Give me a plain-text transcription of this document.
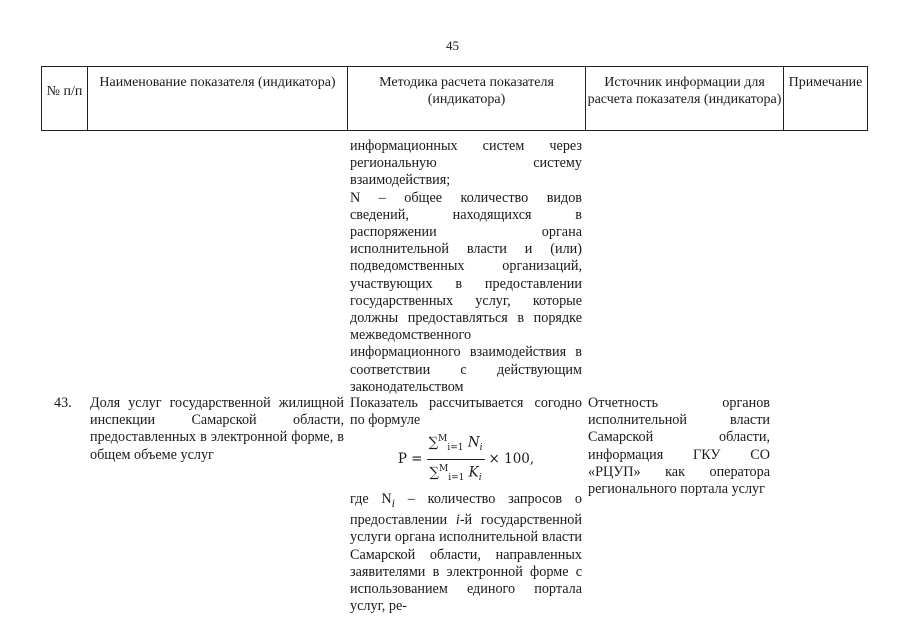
45
№ п/п
Наименование показателя (индикатора)	Методика расчета показателя (индикатора)
Источник информации для расчета показателя (индикатора)
Примечание

информационных систем через региональную систему взаимодействия;

N – общее количество видов сведений, находящихся в распоряжении органа исполнительной власти и (или) подведомственных организаций, участвующих в предоставлении государственных услуг, которые должны предоставляться в порядке межведомственного информационного взаимодействия в соответствии с действующим законодательством

43. Доля услуг государственной жилищной инспекции Самарской области, предоставленных в электронной форме, в общем объеме услуг

Показатель рассчитывается согодно по формуле

$P = \frac{\sum^M_{i=1} N_i}{\sum^M_{i=1} K_i} \times 100$,

где $N_i$ – количество запросов о предоставлении i-й государственной услуги органа исполнительной власти Самарской области, направленных заявителями в электронной форме с использованием единого портала услуг, ре-

Отчетность органов исполнительной власти Самарской области, информация ГКУ СО «РЦУП» как оператора регионального портала услуг
